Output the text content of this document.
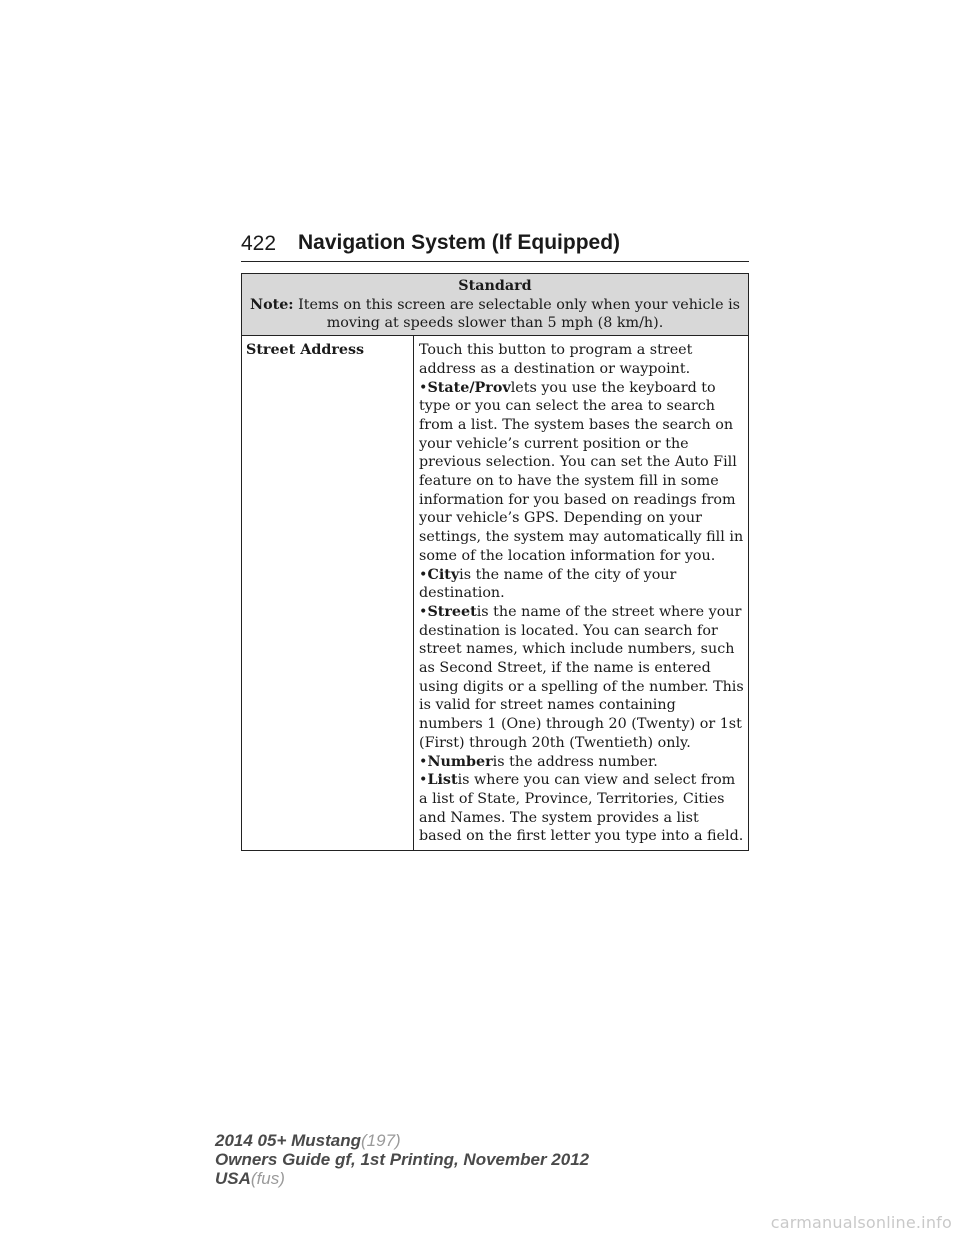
422 Navigation System (If Equipped)
Standard
Note: Items on this screen are selectable only when your vehicle is moving at speeds slower than 5 mph (8 km/h).
Street Address	Touch this button to program a street address as a destination or waypoint.

•State/Provlets you use the keyboard to type or you can select the area to search from a list. The system bases the search on your vehicle’s current position or the previous selection. You can set the Auto Fill feature on to have the system fill in some information for you based on readings from your vehicle’s GPS. Depending on your settings, the system may automatically fill in some of the location information for you.

•Cityis the name of the city of your destination.

•Streetis the name of the street where your destination is located. You can search for street names, which include numbers, such as Second Street, if the name is entered using digits or a spelling of the number. This is valid for street names containing numbers 1 (One) through 20 (Twenty) or 1st (First) through 20th (Twentieth) only.

•Numberis the address number.

•Listis where you can view and select from a list of State, Province, Territories, Cities and Names. The system provides a list based on the first letter you type into a field.

2014 05+ Mustang(197)
Owners Guide gf, 1st Printing, November 2012
USA(fus)
carmanualsonline.info
